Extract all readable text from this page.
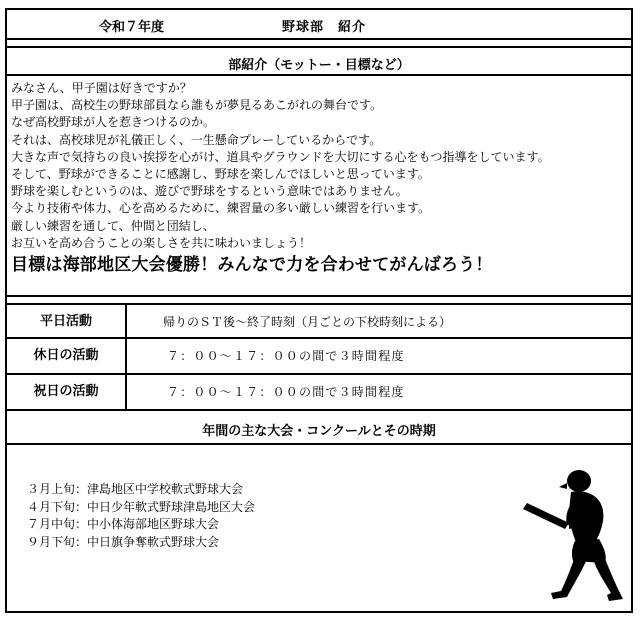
令和７年度	野球部　紹介
部紹介（モットー・目標など）
みなさん、甲子園は好きですか？
甲子園は、高校生の野球部員なら誰もが夢見るあこがれの舞台です。
なぜ高校野球が人を惹きつけるのか。
それは、高校球児が礼儀正しく、一生懸命プレーしているからです。
大きな声で気持ちの良い挨拶を心がけ、道具やグラウンドを大切にする心をもつ指導をしています。
そして、野球ができることに感謝し、野球を楽しんでほしいと思っています。
野球を楽しむというのは、遊びで野球をするという意味ではありません。
今より技術や体力、心を高めるために、練習量の多い厳しい練習を行います。
厳しい練習を通して、仲間と団結し、
お互いを高め合うことの楽しさを共に味わいましょう！
目標は海部地区大会優勝！みんなで力を合わせてがんばろう！
平日活動	帰りのＳＴ後～終了時刻（月ごとの下校時刻による）
休日の活動	７：００～１７：００の間で３時間程度
祝日の活動	７：００～１７：００の間で３時間程度
年間の主な大会・コンクールとその時期
３月上旬：津島地区中学校軟式野球大会
４月下旬：中日少年軟式野球津島地区大会
７月中旬：中小体海部地区野球大会
９月下旬：中日旗争奪軟式野球大会
